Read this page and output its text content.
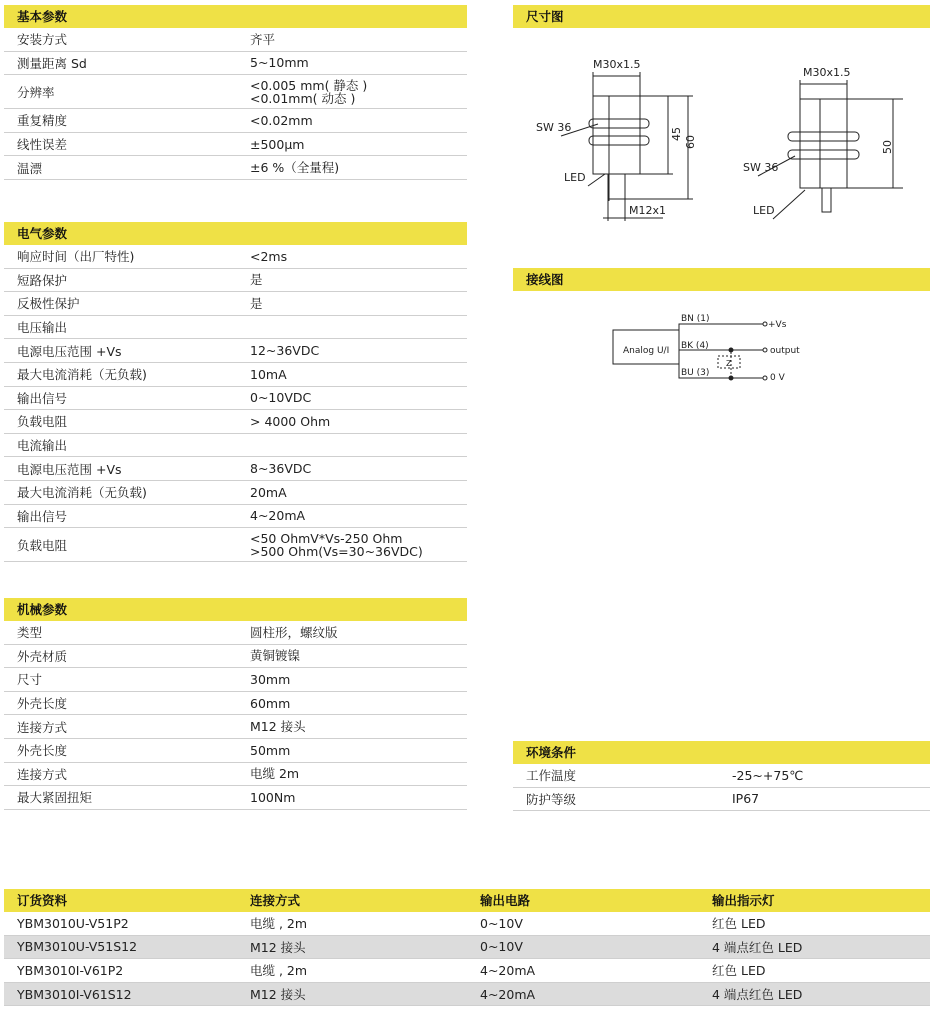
基本参数
安装方式	齐平
测量距离 Sd	5~10mm
分辨率	<0.005 mm( 静态 )
<0.01mm( 动态 )
重复精度	<0.02mm
线性误差	±500µm
温漂	±6 %（全量程)
电气参数
响应时间（出厂特性)	<2ms
短路保护	是
反极性保护	是
电压输出
电源电压范围 +Vs	12~36VDC
最大电流消耗（无负载)	10mA
输出信号	0~10VDC
负载电阻	> 4000 Ohm
电流输出
电源电压范围 +Vs	8~36VDC
最大电流消耗（无负载)	20mA
输出信号	4~20mA
负载电阻	<50 OhmV*Vs-250 Ohm
>500 Ohm(Vs=30~36VDC)
机械参数
类型	圆柱形，螺纹版
外壳材质	黄铜镀镍
尺寸	30mm
外壳长度	60mm
连接方式	M12 接头
外壳长度	50mm
连接方式	电缆 2m
最大紧固扭矩	100Nm
尺寸图
M30x1.5
SW 36
LED
M12x1
M30x1.5
SW 36
LED
45
60	50
接线图
Analog U/I
BN (1)
BK (4)
BU (3)
+Vs
output
0 V
Z
环境条件
工作温度	-25~+75℃
防护等级	IP67
订货资料	连接方式	输出电路	输出指示灯
YBM3010U-V51P2	电缆 , 2m	0~10V	红色 LED
YBM3010U-V51S12	M12 接头	0~10V	4 端点红色 LED
YBM3010I-V61P2	电缆 , 2m	4~20mA	红色 LED
YBM3010I-V61S12	M12 接头	4~20mA	4 端点红色 LED
